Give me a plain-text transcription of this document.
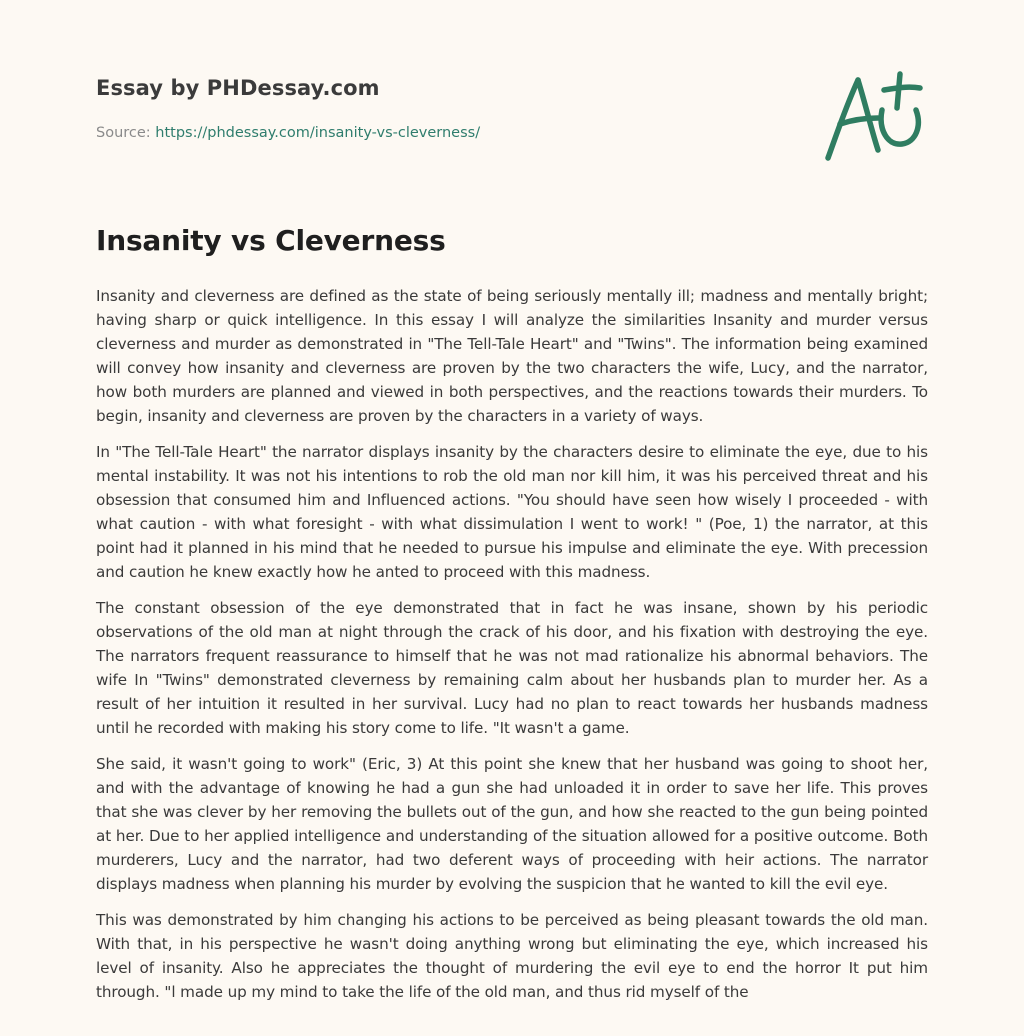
Essay by PHDessay.com
Source: https://phdessay.com/insanity-vs-cleverness/
Insanity vs Cleverness

Insanity and cleverness are defined as the state of being seriously mentally ill; madness and mentally bright; having sharp or quick intelligence. In this essay I will analyze the similarities Insanity and murder versus cleverness and murder as demonstrated in "The Tell-Tale Heart" and "Twins". The information being examined will convey how insanity and cleverness are proven by the two characters the wife, Lucy, and the narrator, how both murders are planned and viewed in both perspectives, and the reactions towards their murders. To begin, insanity and cleverness are proven by the characters in a variety of ways.

In "The Tell-Tale Heart" the narrator displays insanity by the characters desire to eliminate the eye, due to his mental instability. It was not his intentions to rob the old man nor kill him, it was his perceived threat and his obsession that consumed him and Influenced actions. "You should have seen how wisely I proceeded - with what caution - with what foresight - with what dissimulation I went to work! " (Poe, 1) the narrator, at this point had it planned in his mind that he needed to pursue his impulse and eliminate the eye. With precession and caution he knew exactly how he anted to proceed with this madness.

The constant obsession of the eye demonstrated that in fact he was insane, shown by his periodic observations of the old man at night through the crack of his door, and his fixation with destroying the eye. The narrators frequent reassurance to himself that he was not mad rationalize his abnormal behaviors. The wife In "Twins" demonstrated cleverness by remaining calm about her husbands plan to murder her. As a result of her intuition it resulted in her survival. Lucy had no plan to react towards her husbands madness until he recorded with making his story come to life. "It wasn't a game.

She said, it wasn't going to work" (Eric, 3) At this point she knew that her husband was going to shoot her, and with the advantage of knowing he had a gun she had unloaded it in order to save her life. This proves that she was clever by her removing the bullets out of the gun, and how she reacted to the gun being pointed at her. Due to her applied intelligence and understanding of the situation allowed for a positive outcome. Both murderers, Lucy and the narrator, had two deferent ways of proceeding with heir actions. The narrator displays madness when planning his murder by evolving the suspicion that he wanted to kill the evil eye.

This was demonstrated by him changing his actions to be perceived as being pleasant towards the old man. With that, in his perspective he wasn't doing anything wrong but eliminating the eye, which increased his level of insanity. Also he appreciates the thought of murdering the evil eye to end the horror It put him through. "l made up my mind to take the life of the old man, and thus rid myself of the
